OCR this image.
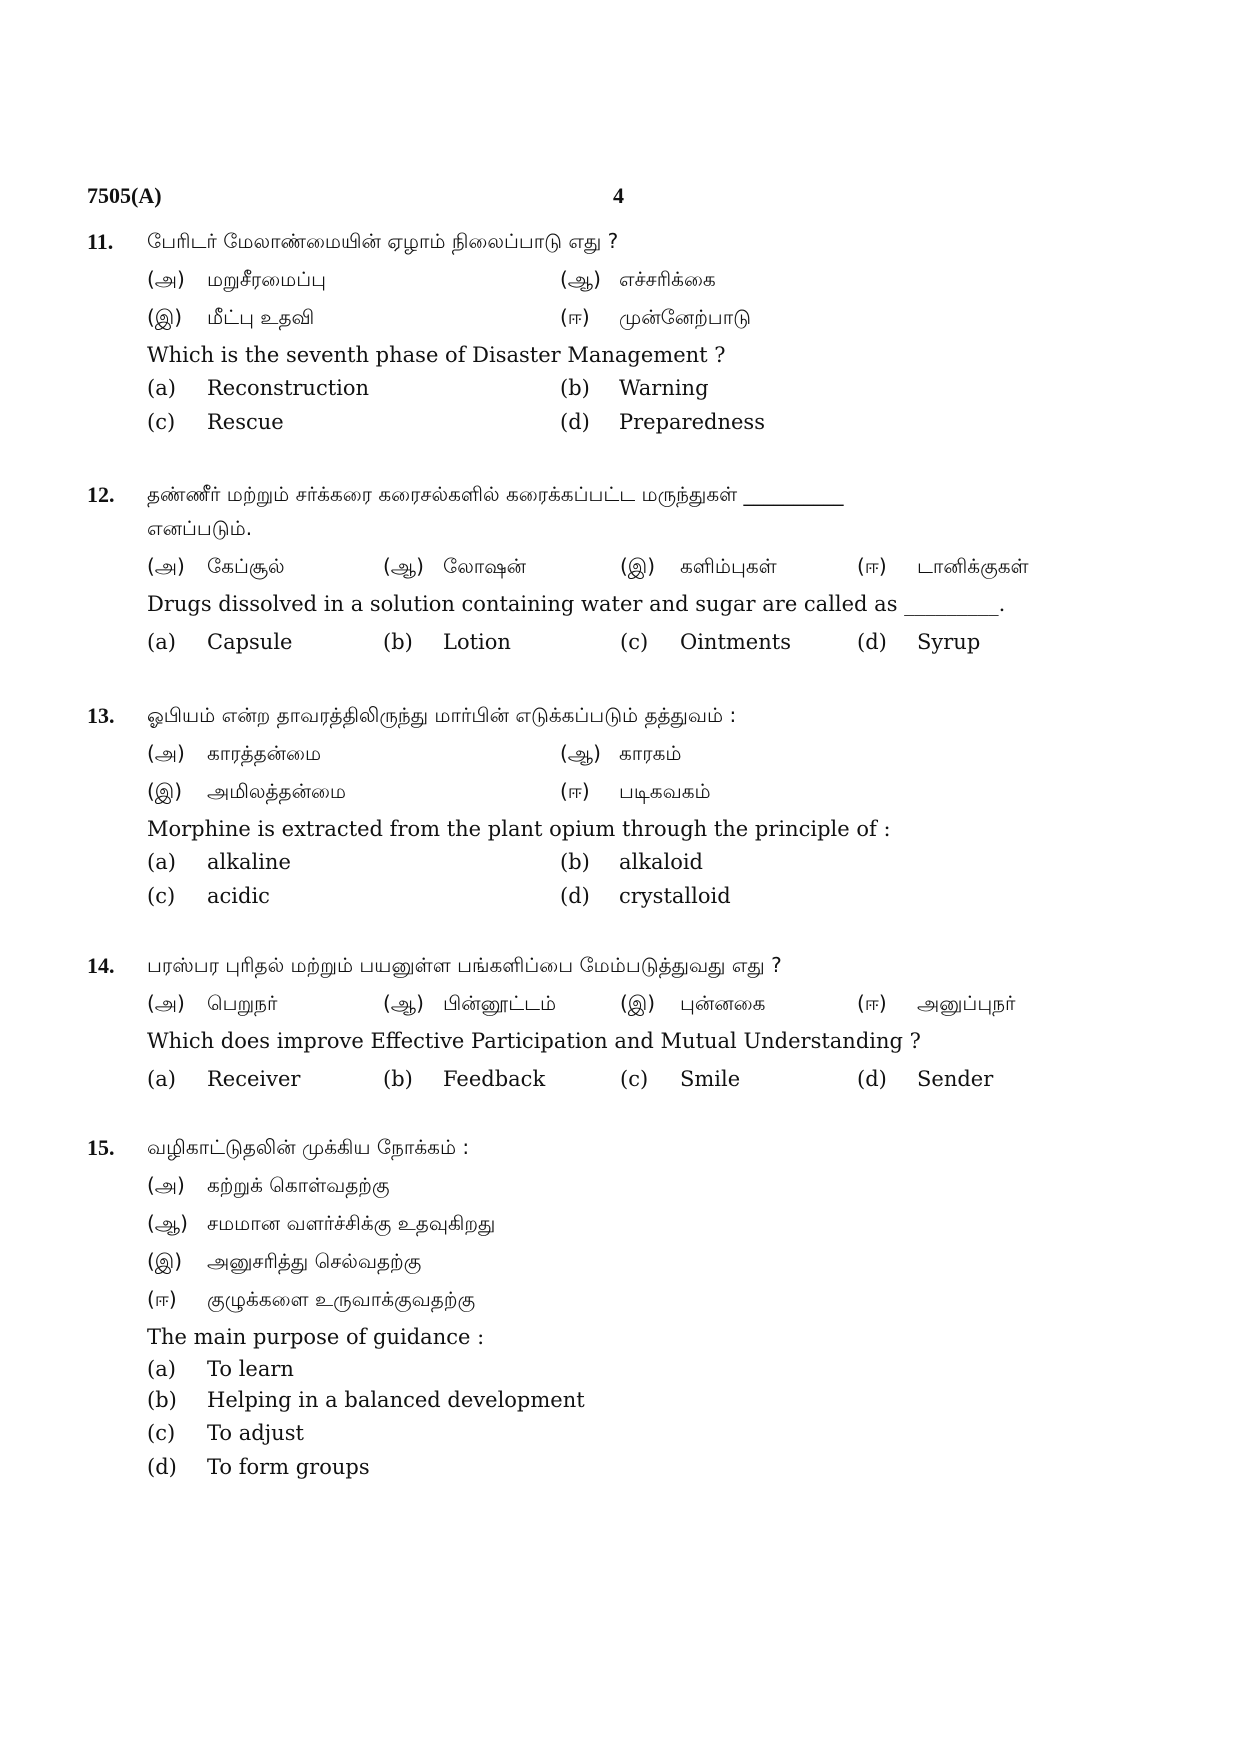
7505(A)	4
11. பேரிடர் மேலாண்மையின் ஏழாம் நிலைப்பாடு எது ?
(அ) மறுசீரமைப்பு	(ஆ) எச்சரிக்கை
(இ) மீட்பு உதவி	(ஈ) முன்னேற்பாடு
Which is the seventh phase of Disaster Management ?
(a) Reconstruction	(b) Warning
(c) Rescue	(d) Preparedness
12. தண்ணீர் மற்றும் சர்க்கரை கரைசல்களில் கரைக்கப்பட்ட மருந்துகள் __________
எனப்படும்.
(அ) கேப்சூல்	(ஆ) லோஷன்	(இ) களிம்புகள்	(ஈ) டானிக்குகள்
Drugs dissolved in a solution containing water and sugar are called as _________.
(a) Capsule	(b) Lotion	(c) Ointments	(d) Syrup
13. ஓபியம் என்ற தாவரத்திலிருந்து மார்பின் எடுக்கப்படும் தத்துவம் :
(அ) காரத்தன்மை	(ஆ) காரகம்
(இ) அமிலத்தன்மை	(ஈ) படிகவகம்
Morphine is extracted from the plant opium through the principle of :
(a) alkaline	(b) alkaloid
(c) acidic	(d) crystalloid
14. பரஸ்பர புரிதல் மற்றும் பயனுள்ள பங்களிப்பை மேம்படுத்துவது எது ?
(அ) பெறுநர்	(ஆ) பின்னூட்டம்	(இ) புன்னகை	(ஈ) அனுப்புநர்
Which does improve Effective Participation and Mutual Understanding ?
(a) Receiver	(b) Feedback	(c) Smile	(d) Sender
15. வழிகாட்டுதலின் முக்கிய நோக்கம் :
(அ) கற்றுக் கொள்வதற்கு
(ஆ) சமமான வளர்ச்சிக்கு உதவுகிறது
(இ) அனுசரித்து செல்வதற்கு
(ஈ) குழுக்களை உருவாக்குவதற்கு
The main purpose of guidance :
(a) To learn
(b) Helping in a balanced development
(c) To adjust
(d) To form groups
